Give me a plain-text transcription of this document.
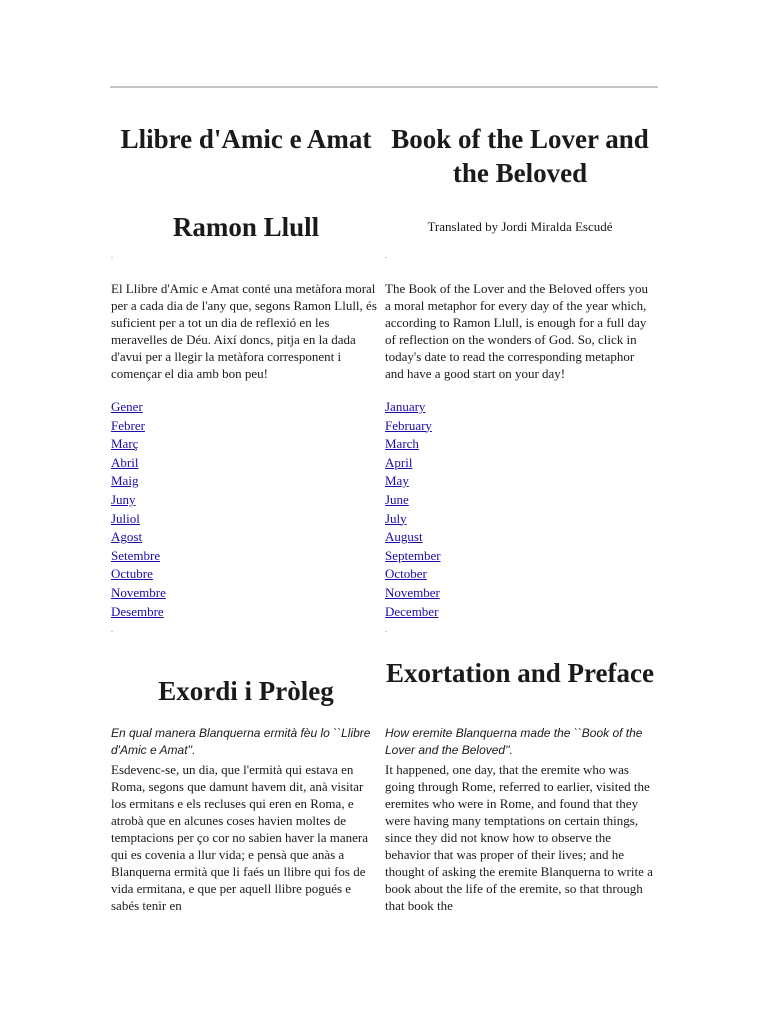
Llibre d'Amic e Amat
Ramon Llull
.

El Llibre d'Amic e Amat conté una metàfora moral per a cada dia de l'any que, segons Ramon Llull, és suficient per a tot un dia de reflexió en les meravelles de Déu. Així doncs, pitja en la dada d'avui per a llegir la metàfora corresponent i començar el dia amb bon peu!

Gener
Febrer
Març
Abril
Maig
Juny
Juliol
Agost
Setembre
Octubre
Novembre
Desembre
.
Exordi i Pròleg

En qual manera Blanquerna ermità fèu lo ``Llibre d'Amic e Amat''.

Esdevenc-se, un dia, que l'ermità qui estava en Roma, segons que damunt havem dit, anà visitar los ermitans e els recluses qui eren en Roma, e atrobà que en alcunes coses havien moltes de temptacions per ço cor no sabien haver la manera qui es covenia a llur vida; e pensà que anàs a Blanquerna ermità que li faés un llibre qui fos de vida ermitana, e que per aquell llibre pogués e sabés tenir en

Book of the Lover and the Beloved

Translated by Jordi Miralda Escudé

.

The Book of the Lover and the Beloved offers you a moral metaphor for every day of the year which, according to Ramon Llull, is enough for a full day of reflection on the wonders of God. So, click in today's date to read the corresponding metaphor and have a good start on your day!

January
February
March
April
May
June
July
August
September
October
November
December
.
Exortation and Preface

How eremite Blanquerna made the ``Book of the Lover and the Beloved''.

It happened, one day, that the eremite who was going through Rome, referred to earlier, visited the eremites who were in Rome, and found that they were having many temptations on certain things, since they did not know how to observe the behavior that was proper of their lives; and he thought of asking the eremite Blanquerna to write a book about the life of the eremite, so that through that book the
